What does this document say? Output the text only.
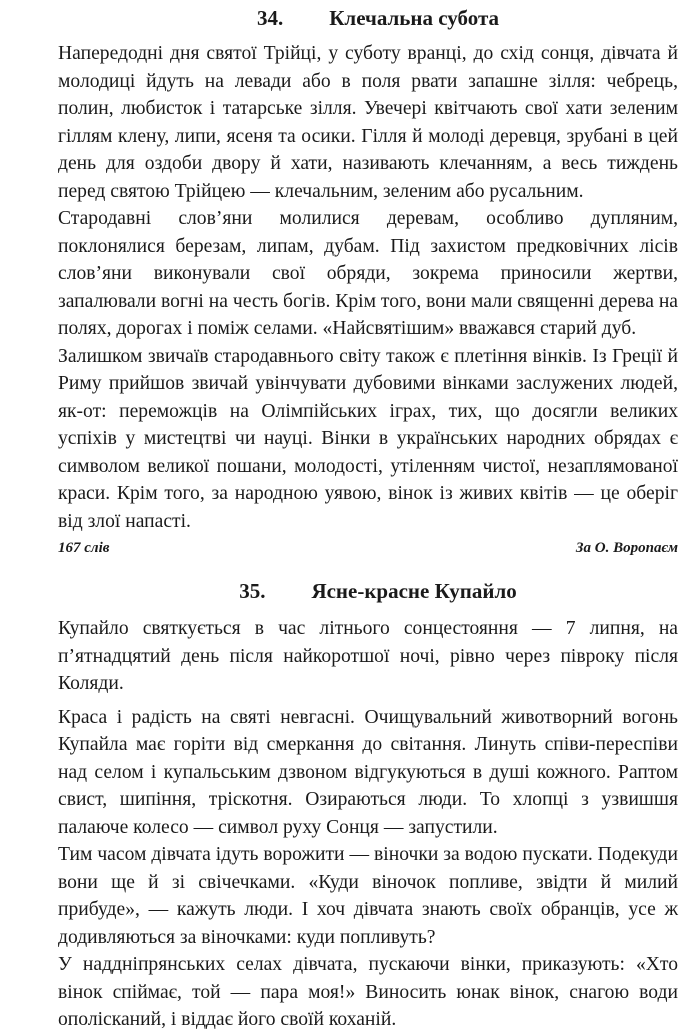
34. Клечальна субота

Напередодні дня святої Трійці, у суботу вранці, до схід сонця, дівчата й молодиці йдуть на левади або в поля рвати запашне зілля: чебрець, полин, любисток і татарське зілля. Увечері квітчають свої хати зеленим гіллям клену, липи, ясеня та осики. Гілля й молоді деревця, зрубані в цей день для оздоби двору й хати, називають клечанням, а весь тиждень перед святою Трійцею — клечальним, зеленим або русальним.

Стародавні слов’яни молилися деревам, особливо дупляним, поклонялися березам, липам, дубам. Під захистом предковічних лісів слов’яни виконували свої обряди, зокрема приносили жертви, запалювали вогні на честь богів. Крім того, вони мали священні дерева на полях, дорогах і поміж селами. «Найсвятішим» вважався старий дуб.

Залишком звичаїв стародавнього світу також є плетіння вінків. Із Греції й Риму прийшов звичай увінчувати дубовими вінками заслужених людей, як-от: переможців на Олімпійських іграх, тих, що досягли великих успіхів у мистецтві чи науці. Вінки в українських народних обрядах є символом великої пошани, молодості, утіленням чистої, незаплямованої краси. Крім того, за народною уявою, вінок із живих квітів — це оберіг від злої напасті.

167 слів	За О. Воропаєм
35. Ясне-красне Купайло

Купайло святкується в час літнього сонцестояння — 7 липня, на п’ятнадцятий день після найкоротшої ночі, рівно через півроку після Коляди.

Краса і радість на святі невгасні. Очищувальний животворний вогонь Купайла має горіти від смеркання до світання. Линуть співи-переспіви над селом і купальським дзвоном відгукуються в душі кожного. Раптом свист, шипіння, тріскотня. Озираються люди. То хлопці з узвишшя палаюче колесо — символ руху Сонця — запустили.

Тим часом дівчата ідуть ворожити — віночки за водою пускати. Подекуди вони ще й зі свічечками. «Куди віночок попливе, звідти й милий прибуде», — кажуть люди. І хоч дівчата знають своїх обранців, усе ж додивляються за віночками: куди попливуть?

У наддніпрянських селах дівчата, пускаючи вінки, приказують: «Хто вінок спіймає, той — пара моя!» Виносить юнак вінок, снагою води ополісканий, і віддає його своїй коханій.
